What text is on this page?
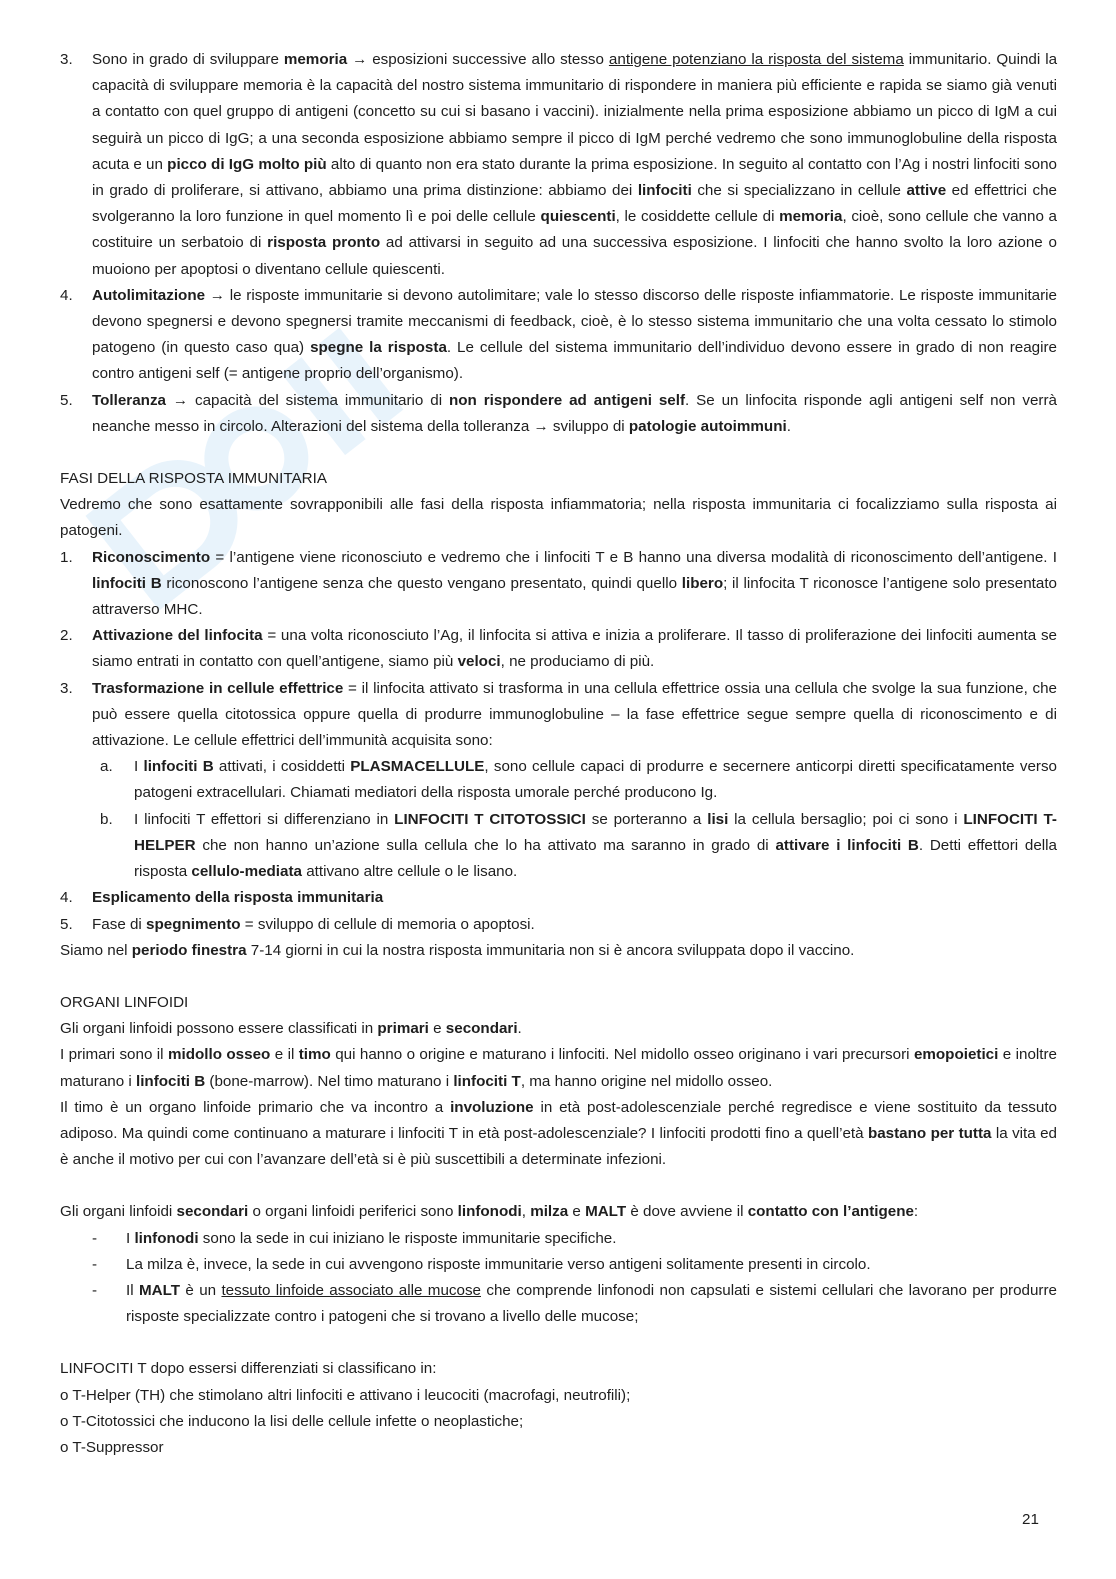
3. Sono in grado di sviluppare memoria → esposizioni successive allo stesso antigene potenziano la risposta del sistema immunitario. Quindi la capacità di sviluppare memoria è la capacità del nostro sistema immunitario di rispondere in maniera più efficiente e rapida se siamo già venuti a contatto con quel gruppo di antigeni (concetto su cui si basano i vaccini). inizialmente nella prima esposizione abbiamo un picco di IgM a cui seguirà un picco di IgG; a una seconda esposizione abbiamo sempre il picco di IgM perché vedremo che sono immunoglobuline della risposta acuta e un picco di IgG molto più alto di quanto non era stato durante la prima esposizione. In seguito al contatto con l’Ag i nostri linfociti sono in grado di proliferare, si attivano, abbiamo una prima distinzione: abbiamo dei linfociti che si specializzano in cellule attive ed effettrici che svolgeranno la loro funzione in quel momento lì e poi delle cellule quiescenti, le cosiddette cellule di memoria, cioè, sono cellule che vanno a costituire un serbatoio di risposta pronto ad attivarsi in seguito ad una successiva esposizione. I linfociti che hanno svolto la loro azione o muoiono per apoptosi o diventano cellule quiescenti.
4. Autolimitazione → le risposte immunitarie si devono autolimitare; vale lo stesso discorso delle risposte infiammatorie. Le risposte immunitarie devono spegnersi e devono spegnersi tramite meccanismi di feedback, cioè, è lo stesso sistema immunitario che una volta cessato lo stimolo patogeno (in questo caso qua) spegne la risposta. Le cellule del sistema immunitario dell’individuo devono essere in grado di non reagire contro antigeni self (= antigene proprio dell’organismo).
5. Tolleranza → capacità del sistema immunitario di non rispondere ad antigeni self. Se un linfocita risponde agli antigeni self non verrà neanche messo in circolo. Alterazioni del sistema della tolleranza → sviluppo di patologie autoimmuni.

FASI DELLA RISPOSTA IMMUNITARIA

Vedremo che sono esattamente sovrapponibili alle fasi della risposta infiammatoria; nella risposta immunitaria ci focalizziamo sulla risposta ai patogeni.

1. Riconoscimento = l’antigene viene riconosciuto e vedremo che i linfociti T e B hanno una diversa modalità di riconoscimento dell’antigene. I linfociti B riconoscono l’antigene senza che questo vengano presentato, quindi quello libero; il linfocita T riconosce l’antigene solo presentato attraverso MHC.
2. Attivazione del linfocita = una volta riconosciuto l’Ag, il linfocita si attiva e inizia a proliferare. Il tasso di proliferazione dei linfociti aumenta se siamo entrati in contatto con quell’antigene, siamo più veloci, ne produciamo di più.
3. Trasformazione in cellule effettrice = il linfocita attivato si trasforma in una cellula effettrice ossia una cellula che svolge la sua funzione, che può essere quella citotossica oppure quella di produrre immunoglobuline – la fase effettrice segue sempre quella di riconoscimento e di attivazione. Le cellule effettrici dell’immunità acquisita sono:
a. I linfociti B attivati, i cosiddetti PLASMACELLULE, sono cellule capaci di produrre e secernere anticorpi diretti specificatamente verso patogeni extracellulari. Chiamati mediatori della risposta umorale perché producono Ig.
b. I linfociti T effettori si differenziano in LINFOCITI T CITOTOSSICI se porteranno a lisi la cellula bersaglio; poi ci sono i LINFOCITI T-HELPER che non hanno un’azione sulla cellula che lo ha attivato ma saranno in grado di attivare i linfociti B. Detti effettori della risposta cellulo-mediata attivano altre cellule o le lisano.
4. Esplicamento della risposta immunitaria
5. Fase di spegnimento = sviluppo di cellule di memoria o apoptosi.

Siamo nel periodo finestra 7-14 giorni in cui la nostra risposta immunitaria non si è ancora sviluppata dopo il vaccino.

ORGANI LINFOIDI

Gli organi linfoidi possono essere classificati in primari e secondari.

I primari sono il midollo osseo e il timo qui hanno o origine e maturano i linfociti. Nel midollo osseo originano i vari precursori emopoietici e inoltre maturano i linfociti B (bone-marrow). Nel timo maturano i linfociti T, ma hanno origine nel midollo osseo.

Il timo è un organo linfoide primario che va incontro a involuzione in età post-adolescenziale perché regredisce e viene sostituito da tessuto adiposo. Ma quindi come continuano a maturare i linfociti T in età post-adolescenziale? I linfociti prodotti fino a quell’età bastano per tutta la vita ed è anche il motivo per cui con l’avanzare dell’età si è più suscettibili a determinate infezioni.

Gli organi linfoidi secondari o organi linfoidi periferici sono linfonodi, milza e MALT è dove avviene il contatto con l’antigene:

- I linfonodi sono la sede in cui iniziano le risposte immunitarie specifiche.
- La milza è, invece, la sede in cui avvengono risposte immunitarie verso antigeni solitamente presenti in circolo.
- Il MALT è un tessuto linfoide associato alle mucose che comprende linfonodi non capsulati e sistemi cellulari che lavorano per produrre risposte specializzate contro i patogeni che si trovano a livello delle mucose;

LINFOCITI T dopo essersi differenziati si classificano in:

o T-Helper (TH) che stimolano altri linfociti e attivano i leucociti (macrofagi, neutrofili);

o T-Citotossici che inducono la lisi delle cellule infette o neoplastiche;

o T-Suppressor

21
